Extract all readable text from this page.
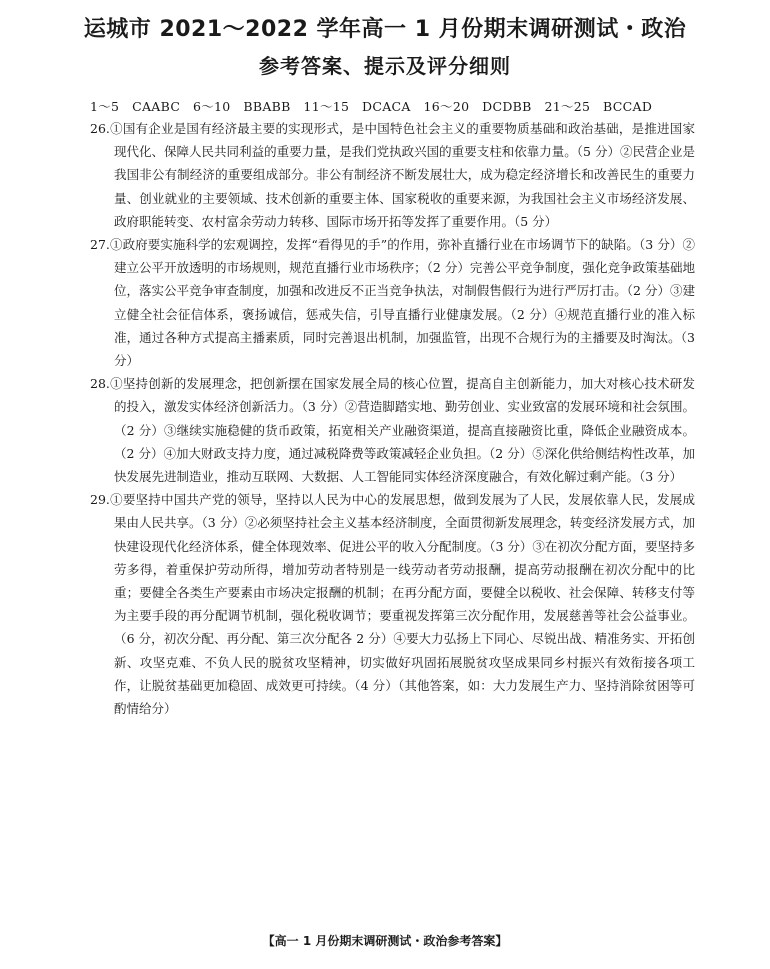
运城市 2021～2022 学年高一 1 月份期末调研测试・政治
参考答案、提示及评分细则
1～5　CAABC　6～10　BBABB　11～15　DCACA　16～20　DCDBB　21～25　BCCAD

26.①国有企业是国有经济最主要的实现形式，是中国特色社会主义的重要物质基础和政治基础，是推进国家现代化、保障人民共同利益的重要力量，是我们党执政兴国的重要支柱和依靠力量。（5 分）②民营企业是我国非公有制经济的重要组成部分。非公有制经济不断发展壮大，成为稳定经济增长和改善民生的重要力量、创业就业的主要领域、技术创新的重要主体、国家税收的重要来源，为我国社会主义市场经济发展、政府职能转变、农村富余劳动力转移、国际市场开拓等发挥了重要作用。（5 分）

27.①政府要实施科学的宏观调控，发挥“看得见的手”的作用，弥补直播行业在市场调节下的缺陷。（3 分）②建立公平开放透明的市场规则，规范直播行业市场秩序；（2 分）完善公平竞争制度，强化竞争政策基础地位，落实公平竞争审查制度，加强和改进反不正当竞争执法，对制假售假行为进行严厉打击。（2 分）③建立健全社会征信体系，褒扬诚信，惩戒失信，引导直播行业健康发展。（2 分）④规范直播行业的准入标准，通过各种方式提高主播素质，同时完善退出机制，加强监管，出现不合规行为的主播要及时淘汰。（3 分）

28.①坚持创新的发展理念，把创新摆在国家发展全局的核心位置，提高自主创新能力，加大对核心技术研发的投入，激发实体经济创新活力。（3 分）②营造脚踏实地、勤劳创业、实业致富的发展环境和社会氛围。（2 分）③继续实施稳健的货币政策，拓宽相关产业融资渠道，提高直接融资比重，降低企业融资成本。（2 分）④加大财政支持力度，通过减税降费等政策减轻企业负担。（2 分）⑤深化供给侧结构性改革，加快发展先进制造业，推动互联网、大数据、人工智能同实体经济深度融合，有效化解过剩产能。（3 分）

29.①要坚持中国共产党的领导，坚持以人民为中心的发展思想，做到发展为了人民，发展依靠人民，发展成果由人民共享。（3 分）②必须坚持社会主义基本经济制度，全面贯彻新发展理念，转变经济发展方式，加快建设现代化经济体系，健全体现效率、促进公平的收入分配制度。（3 分）③在初次分配方面，要坚持多劳多得，着重保护劳动所得，增加劳动者特别是一线劳动者劳动报酬，提高劳动报酬在初次分配中的比重；要健全各类生产要素由市场决定报酬的机制；在再分配方面，要健全以税收、社会保障、转移支付等为主要手段的再分配调节机制，强化税收调节；要重视发挥第三次分配作用，发展慈善等社会公益事业。（6 分，初次分配、再分配、第三次分配各 2 分）④要大力弘扬上下同心、尽锐出战、精准务实、开拓创新、攻坚克难、不负人民的脱贫攻坚精神，切实做好巩固拓展脱贫攻坚成果同乡村振兴有效衔接各项工作，让脱贫基础更加稳固、成效更可持续。（4 分）（其他答案，如：大力发展生产力、坚持消除贫困等可酌情给分）

【高一 1 月份期末调研测试・政治参考答案】
